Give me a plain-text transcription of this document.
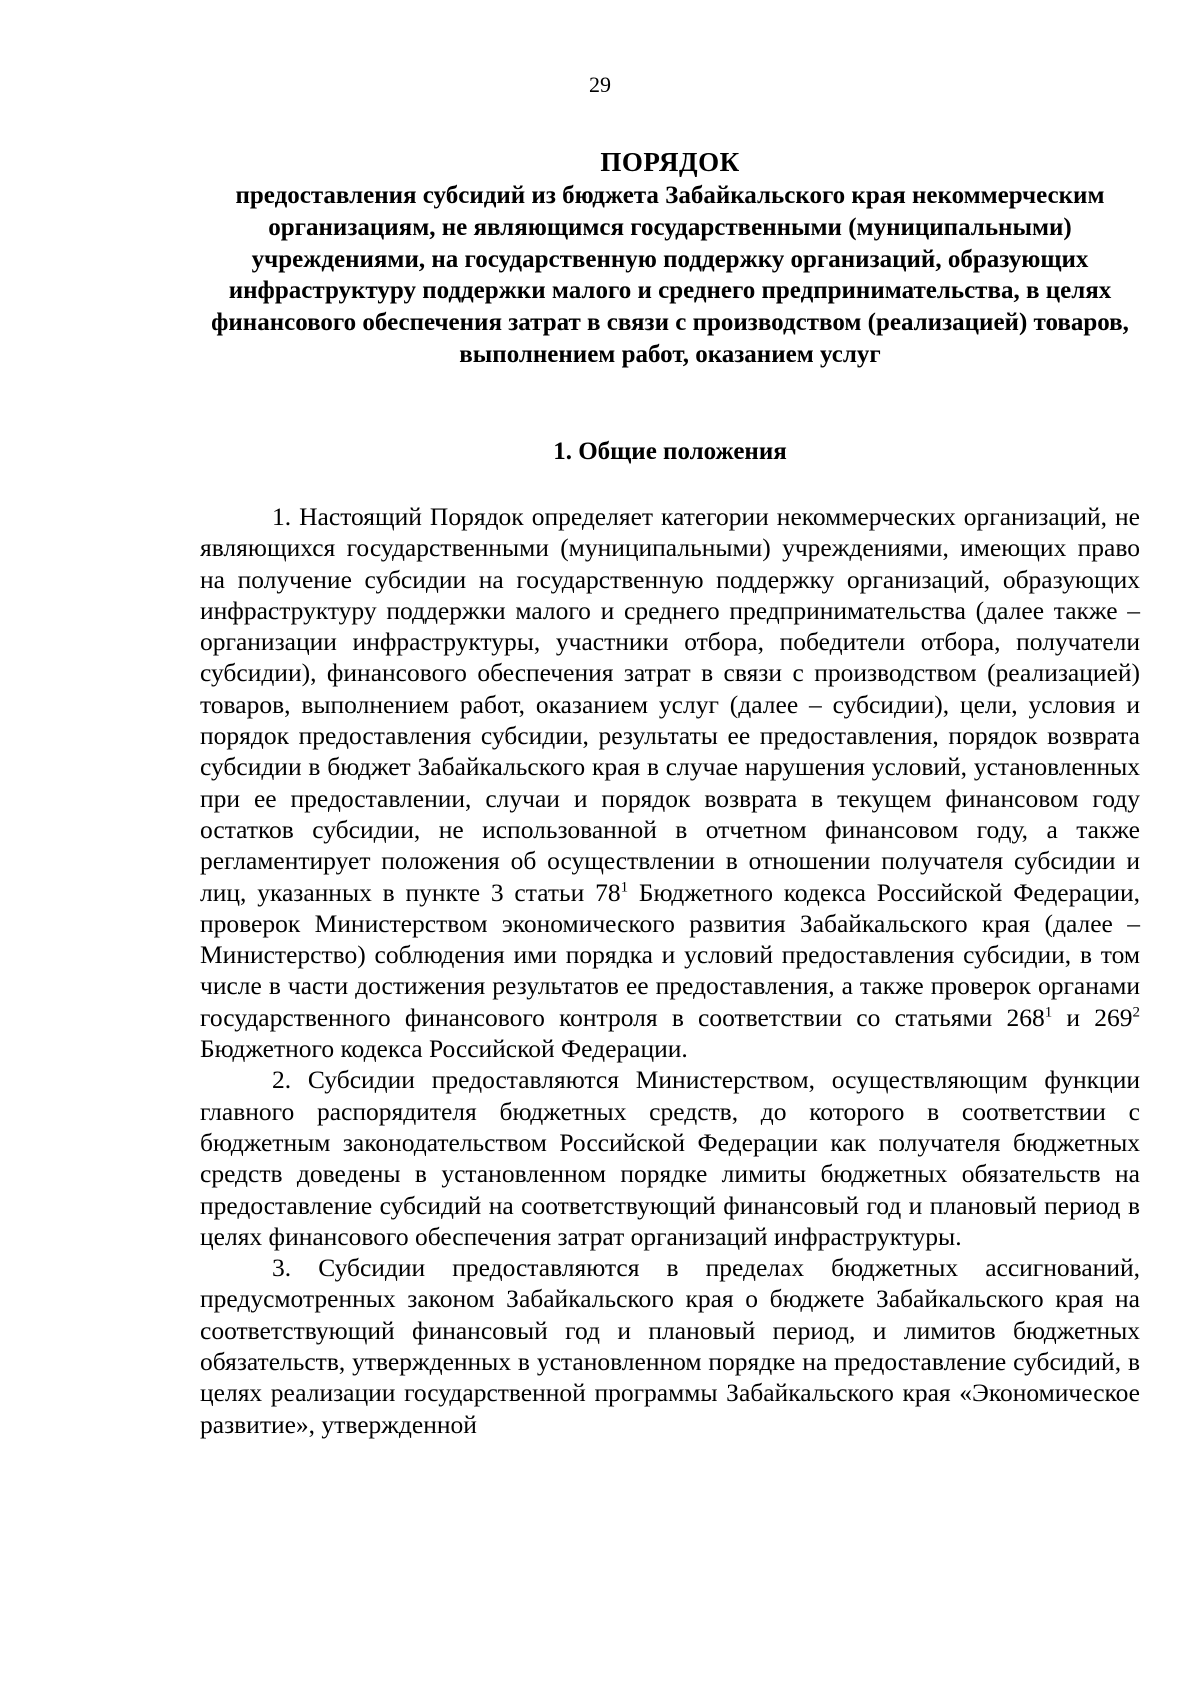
29
ПОРЯДОК
предоставления субсидий из бюджета Забайкальского края некоммерческим организациям, не являющимся государственными (муниципальными) учреждениями, на государственную поддержку организаций, образующих инфраструктуру поддержки малого и среднего предпринимательства, в целях финансового обеспечения затрат в связи с производством (реализацией) товаров, выполнением работ, оказанием услуг
1. Общие положения

1. Настоящий Порядок определяет категории некоммерческих организаций, не являющихся государственными (муниципальными) учреждениями, имеющих право на получение субсидии на государственную поддержку организаций, образующих инфраструктуру поддержки малого и среднего предпринимательства (далее также – организации инфраструктуры, участники отбора, победители отбора, получатели субсидии), финансового обеспечения затрат в связи с производством (реализацией) товаров, выполнением работ, оказанием услуг (далее – субсидии), цели, условия и порядок предоставления субсидии, результаты ее предоставления, порядок возврата субсидии в бюджет Забайкальского края в случае нарушения условий, установленных при ее предоставлении, случаи и порядок возврата в текущем финансовом году остатков субсидии, не использованной в отчетном финансовом году, а также регламентирует положения об осуществлении в отношении получателя субсидии и лиц, указанных в пункте 3 статьи $78^1$ Бюджетного кодекса Российской Федерации, проверок Министерством экономического развития Забайкальского края (далее – Министерство) соблюдения ими порядка и условий предоставления субсидии, в том числе в части достижения результатов ее предоставления, а также проверок органами государственного финансового контроля в соответствии со статьями $268^1$ и $269^2$ Бюджетного кодекса Российской Федерации.

2. Субсидии предоставляются Министерством, осуществляющим функции главного распорядителя бюджетных средств, до которого в соответствии с бюджетным законодательством Российской Федерации как получателя бюджетных средств доведены в установленном порядке лимиты бюджетных обязательств на предоставление субсидий на соответствующий финансовый год и плановый период в целях финансового обеспечения затрат организаций инфраструктуры.

3. Субсидии предоставляются в пределах бюджетных ассигнований, предусмотренных законом Забайкальского края о бюджете Забайкальского края на соответствующий финансовый год и плановый период, и лимитов бюджетных обязательств, утвержденных в установленном порядке на предоставление субсидий, в целях реализации государственной программы Забайкальского края «Экономическое развитие», утвержденной
